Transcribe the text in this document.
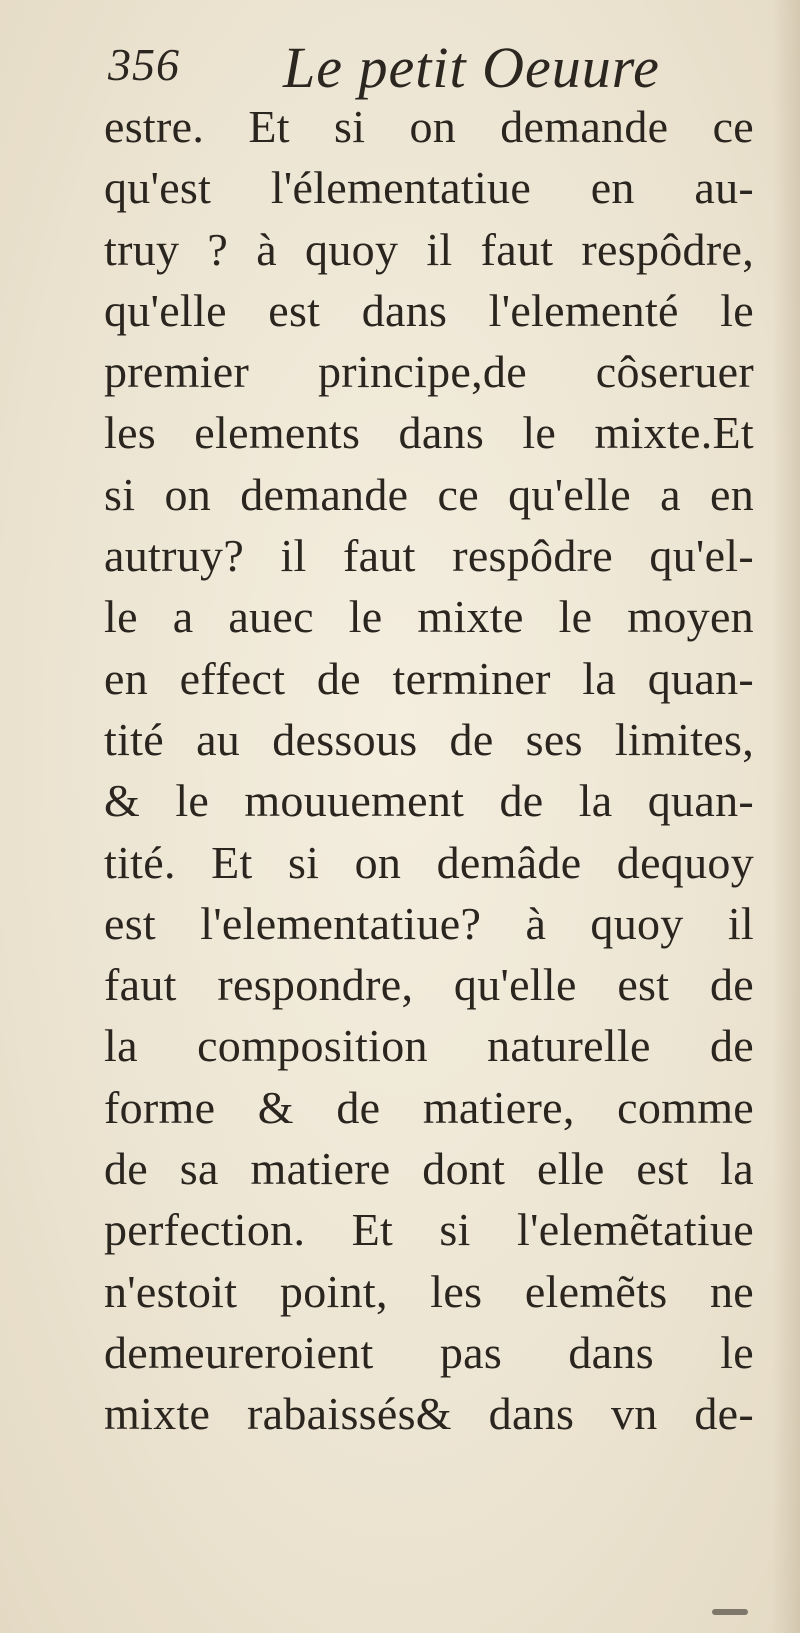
356 Le petit Oeuure
estre. Et si on demande ce
qu'est l'élementatiue en au-
truy ? à quoy il faut respôdre,
qu'elle est dans l'elementé le
premier principe,de côseruer
les elements dans le mixte.Et
si on demande ce qu'elle a en
autruy? il faut respôdre qu'el-
le a auec le mixte le moyen
en effect de terminer la quan-
tité au dessous de ses limites,
& le mouuement de la quan-
tité. Et si on demâde dequoy
est l'elementatiue? à quoy il
faut respondre, qu'elle est de
la composition naturelle de
forme & de matiere, comme
de sa matiere dont elle est la
perfection. Et si l'elemẽtatiue
n'estoit point, les elemẽts ne
demeureroient pas dans le
mixte rabaissés& dans vn de-
